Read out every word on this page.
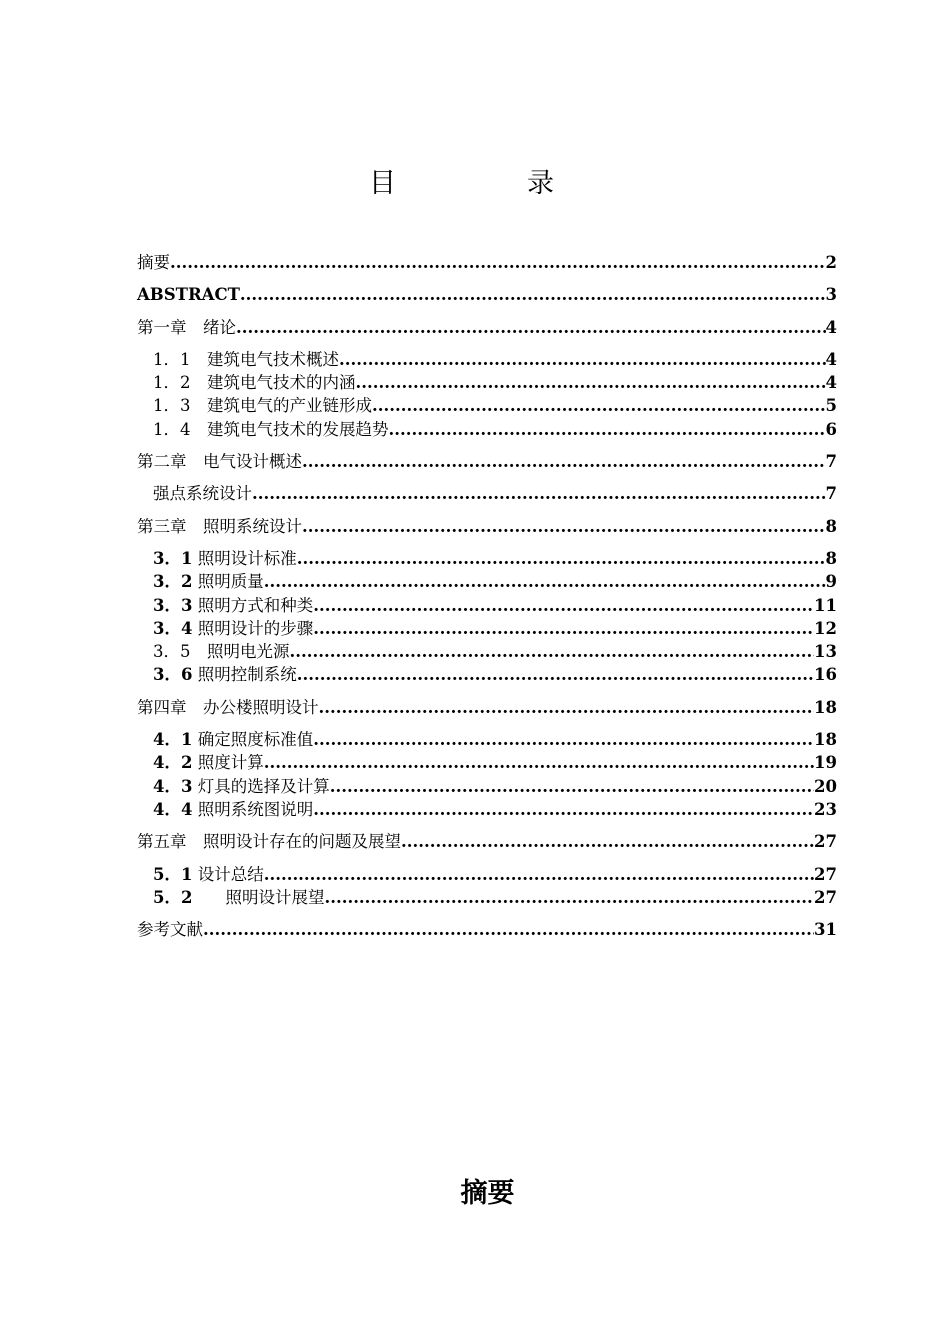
目　录
摘要 .....	2
ABSTRACT .....	3
第一章　绪论 .....	4
1．1　建筑电气技术概述 .....	4
1．2　建筑电气技术的内涵 .....	4
1．3　建筑电气的产业链形成 .....	5
1．4　建筑电气技术的发展趋势 .....	6
第二章　电气设计概述 .....	7
强点系统设计 .....	7
第三章　照明系统设计 .....	8
3．1 照明设计标准 .....	8
3．2 照明质量 .....	9
3．3 照明方式和种类 .....	11
3．4 照明设计的步骤 .....	12
3．5　照明电光源 .....	13
3．6 照明控制系统 .....	16
第四章　办公楼照明设计 .....	18
4．1 确定照度标准值 .....	18
4．2 照度计算 .....	19
4．3 灯具的选择及计算 .....	20
4．4 照明系统图说明 .....	23
第五章　照明设计存在的问题及展望 .....	27
5．1 设计总结 .....	27
5．2　　照明设计展望 .....	27
参考文献 .....	31
摘要
